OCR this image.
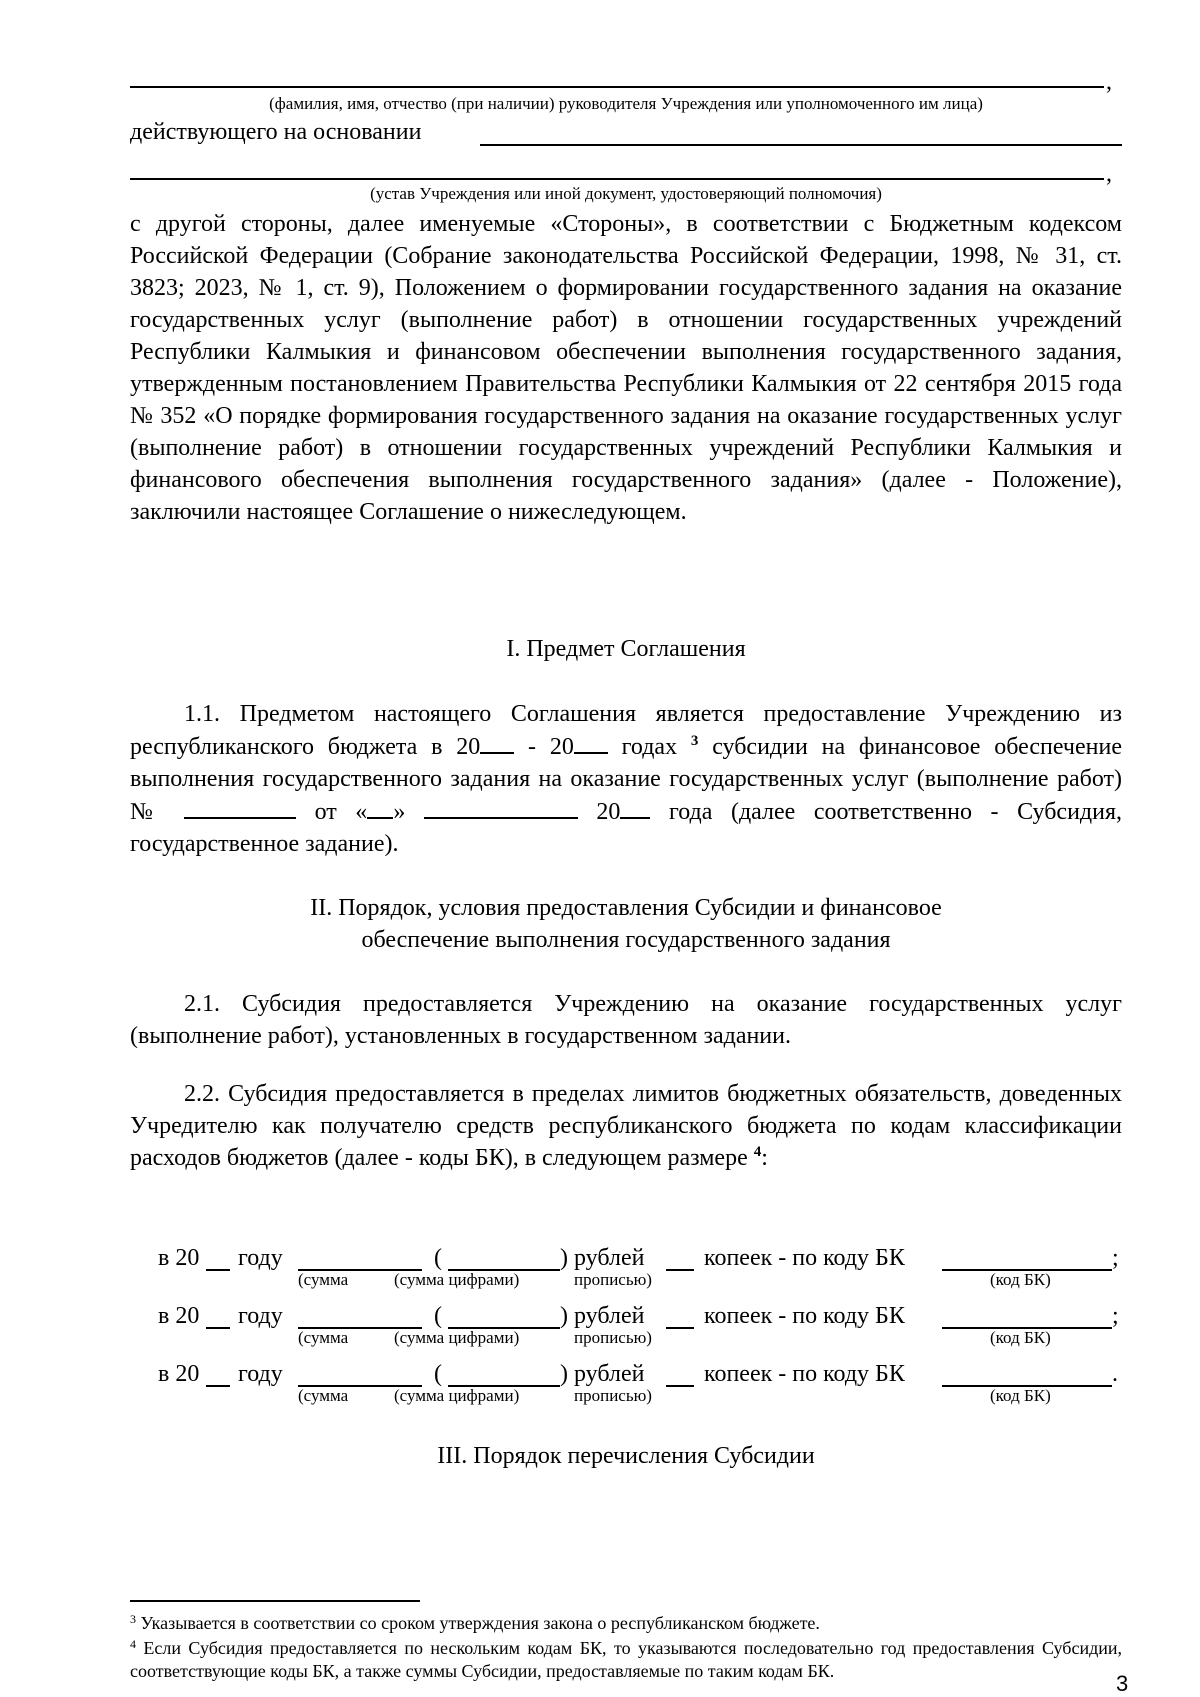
,
(фамилия, имя, отчество (при наличии) руководителя Учреждения или уполномоченного им лица)
действующего на основании
,
(устав Учреждения или иной документ, удостоверяющий полномочия)

с другой стороны, далее именуемые «Стороны», в соответствии с Бюджетным кодексом Российской Федерации (Собрание законодательства Российской Федерации, 1998, № 31, ст. 3823; 2023, № 1, ст. 9), Положением о формировании государственного задания на оказание государственных услуг (выполнение работ) в отношении государственных учреждений Республики Калмыкия и финансовом обеспечении выполнения государственного задания, утвержденным постановлением Правительства Республики Калмыкия от 22 сентября 2015 года № 352 «О порядке формирования государственного задания на оказание государственных услуг (выполнение работ) в отношении государственных учреждений Республики Калмыкия и финансового обеспечения выполнения государственного задания» (далее - Положение), заключили настоящее Соглашение о нижеследующем.

I. Предмет Соглашения

1.1. Предметом настоящего Соглашения является предоставление Учреждению из республиканского бюджета в 20 - 20 годах $^3$ субсидии на финансовое обеспечение выполнения государственного задания на оказание государственных услуг (выполнение работ) №	от « »	20 года (далее соответственно - Субсидия, государственное задание).

II. Порядок, условия предоставления Субсидии и финансовое
обеспечение выполнения государственного задания

2.1. Субсидия предоставляется Учреждению на оказание государственных услуг (выполнение работ), установленных в государственном задании.

2.2. Субсидия предоставляется в пределах лимитов бюджетных обязательств, доведенных Учредителю как получателю средств республиканского бюджета по кодам классификации расходов бюджетов (далее - коды БК), в следующем размере $^4$:

в 20 году	(	) рублей копеек - по коду БК	;
(сумма	(сумма цифрами)	прописью)	(код БК)
в 20 году	(	) рублей копеек - по коду БК	;
(сумма	(сумма цифрами)	прописью)	(код БК)
в 20 году	(	) рублей копеек - по коду БК	.
(сумма	(сумма цифрами)	прописью)	(код БК)
III. Порядок перечисления Субсидии

$^3$ Указывается в соответствии со сроком утверждения закона о республиканском бюджете.

$^4$ Если Субсидия предоставляется по нескольким кодам БК, то указываются последовательно год предоставления Субсидии, соответствующие коды БК, а также суммы Субсидии, предоставляемые по таким кодам БК.	3
